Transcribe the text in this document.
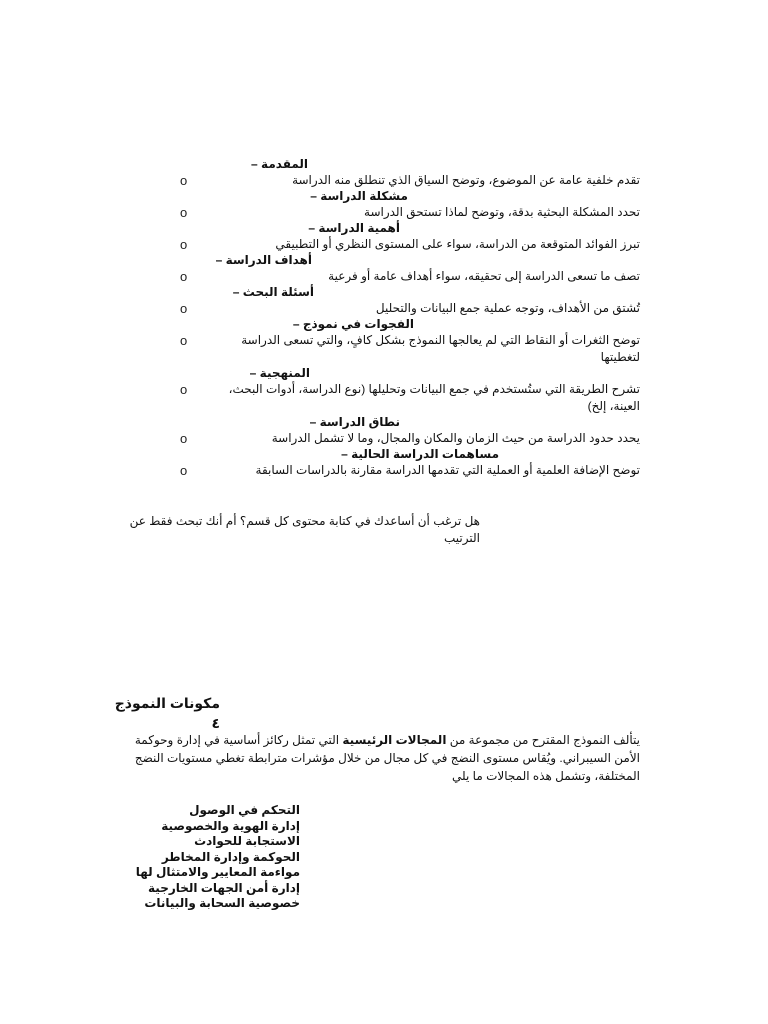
المقدمة –
تقدم خلفية عامة عن الموضوع، وتوضح السياق الذي تنطلق منه الدراسة
o
مشكلة الدراسة –
تحدد المشكلة البحثية بدقة، وتوضح لماذا تستحق الدراسة
o
أهمية الدراسة –
تبرز الفوائد المتوقعة من الدراسة، سواء على المستوى النظري أو التطبيقي
o
أهداف الدراسة –
تصف ما تسعى الدراسة إلى تحقيقه، سواء أهداف عامة أو فرعية
o
أسئلة البحث –
تُشتق من الأهداف، وتوجه عملية جمع البيانات والتحليل
o
الفجوات في نموذج –
توضح الثغرات أو النقاط التي لم يعالجها النموذج بشكل كافٍ، والتي تسعى الدراسة لتغطيتها
o
المنهجية –
تشرح الطريقة التي ستُستخدم في جمع البيانات وتحليلها (نوع الدراسة، أدوات البحث، العينة، إلخ)
o
نطاق الدراسة –
يحدد حدود الدراسة من حيث الزمان والمكان والمجال، وما لا تشمل الدراسة
o
مساهمات الدراسة الحالية –
توضح الإضافة العلمية أو العملية التي تقدمها الدراسة مقارنة بالدراسات السابقة
o
هل ترغب أن أساعدك في كتابة محتوى كل قسم؟ أم أنك تبحث فقط عن الترتيب
مكونات النموذج ٤
يتألف النموذج المقترح من مجموعة من المجالات الرئيسية التي تمثل ركائز أساسية في إدارة وحوكمة الأمن السيبراني. ويُقاس مستوى النضج في كل مجال من خلال مؤشرات مترابطة تغطي مستويات النضج المختلفة، وتشمل هذه المجالات ما يلي
التحكم في الوصول
إدارة الهوية والخصوصية
الاستجابة للحوادث
الحوكمة وإدارة المخاطر
مواءمة المعايير والامتثال لها
إدارة أمن الجهات الخارجية
خصوصية السحابة والبيانات
